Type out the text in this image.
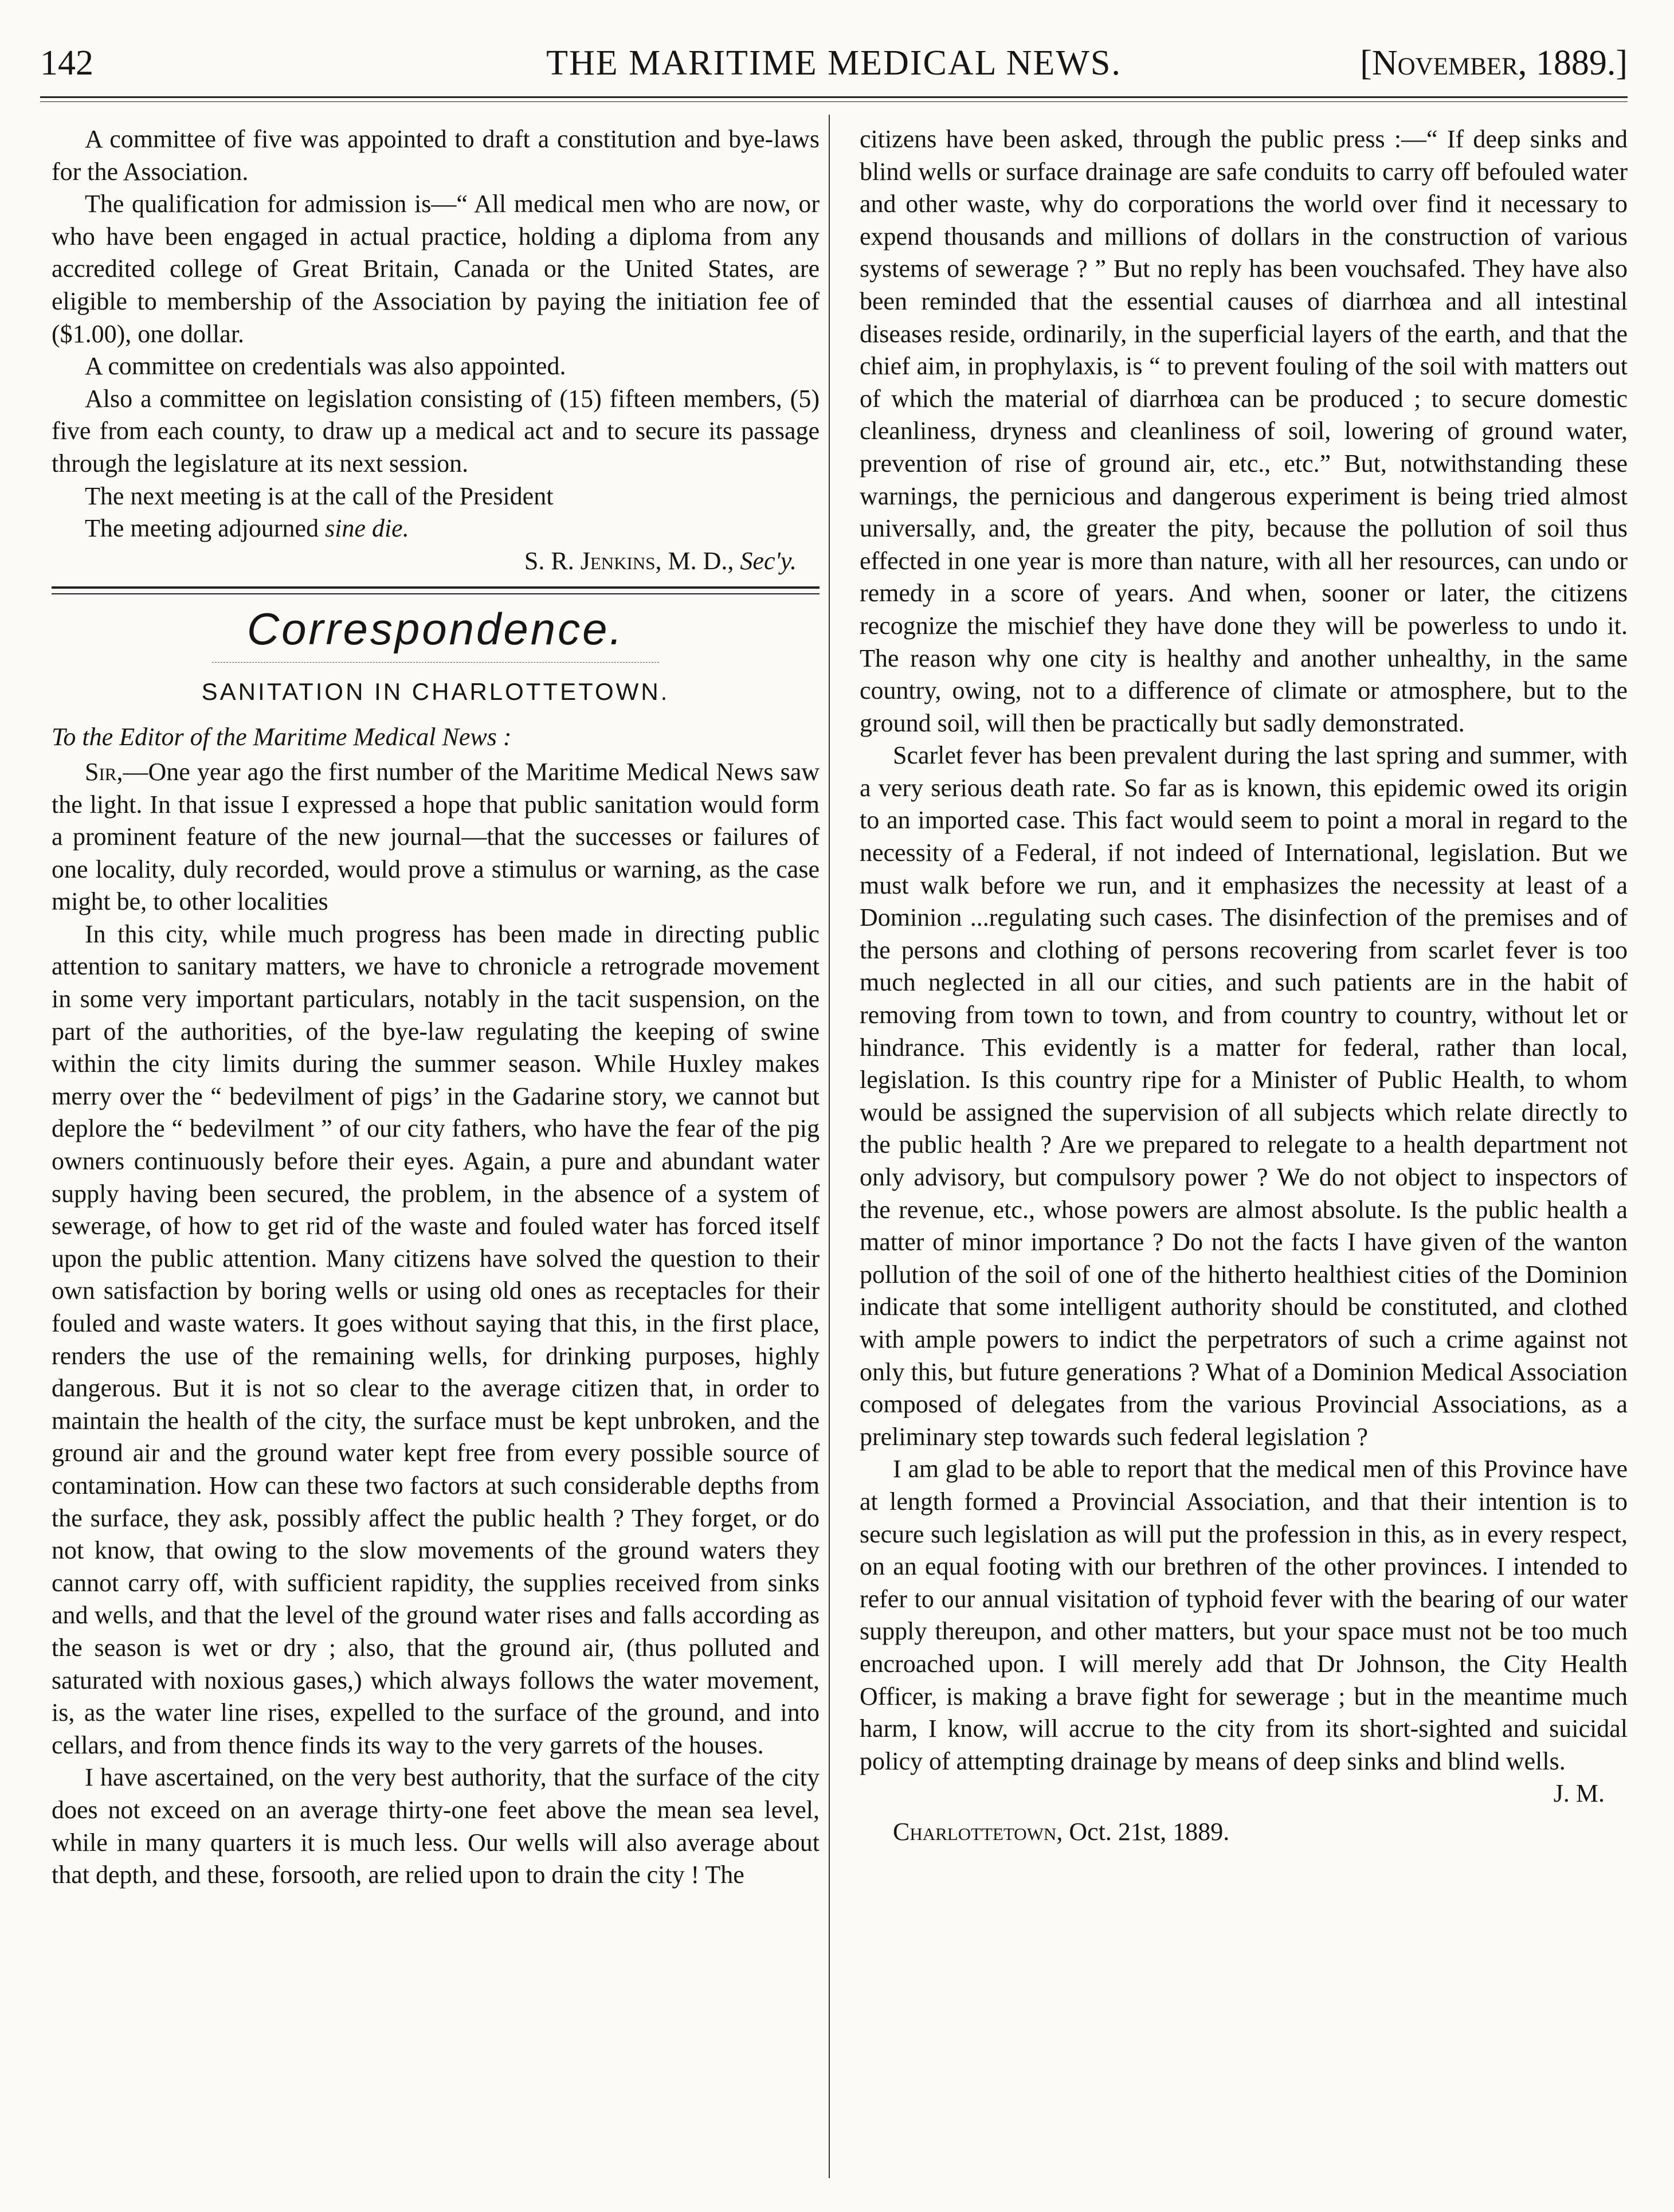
142	THE MARITIME MEDICAL NEWS.	[November, 1889.]

A committee of five was appointed to draft a constitution and bye-laws for the Association.

The qualification for admission is—“ All medical men who are now, or who have been engaged in actual practice, holding a diploma from any accredited college of Great Britain, Canada or the United States, are eligible to membership of the Association by paying the initiation fee of ($1.00), one dollar.

A committee on credentials was also appointed.

Also a committee on legislation consisting of (15) fifteen members, (5) five from each county, to draw up a medical act and to secure its passage through the legislature at its next session.

The next meeting is at the call of the President

The meeting adjourned sine die.

S. R. Jenkins, M. D., Sec'y.

Correspondence.
SANITATION IN CHARLOTTETOWN.

To the Editor of the Maritime Medical News :

Sir,—One year ago the first number of the Maritime Medical News saw the light. In that issue I expressed a hope that public sanitation would form a prominent feature of the new journal—that the successes or failures of one locality, duly recorded, would prove a stimulus or warning, as the case might be, to other localities

In this city, while much progress has been made in directing public attention to sanitary matters, we have to chronicle a retrograde movement in some very important particulars, notably in the tacit suspension, on the part of the authorities, of the bye-law regulating the keeping of swine within the city limits during the summer season. While Huxley makes merry over the “ bedevilment of pigs’ in the Gadarine story, we cannot but deplore the “ bedevilment ” of our city fathers, who have the fear of the pig owners continuously before their eyes. Again, a pure and abundant water supply having been secured, the problem, in the absence of a system of sewerage, of how to get rid of the waste and fouled water has forced itself upon the public attention. Many citizens have solved the question to their own satisfaction by boring wells or using old ones as receptacles for their fouled and waste waters. It goes without saying that this, in the first place, renders the use of the remaining wells, for drinking purposes, highly dangerous. But it is not so clear to the average citizen that, in order to maintain the health of the city, the surface must be kept unbroken, and the ground air and the ground water kept free from every possible source of contamination. How can these two factors at such considerable depths from the surface, they ask, possibly affect the public health ? They forget, or do not know, that owing to the slow movements of the ground waters they cannot carry off, with sufficient rapidity, the supplies received from sinks and wells, and that the level of the ground water rises and falls according as the season is wet or dry ; also, that the ground air, (thus polluted and saturated with noxious gases,) which always follows the water movement, is, as the water line rises, expelled to the surface of the ground, and into cellars, and from thence finds its way to the very garrets of the houses.

I have ascertained, on the very best authority, that the surface of the city does not exceed on an average thirty-one feet above the mean sea level, while in many quarters it is much less. Our wells will also average about that depth, and these, forsooth, are relied upon to drain the city ! The

citizens have been asked, through the public press :—“ If deep sinks and blind wells or surface drainage are safe conduits to carry off befouled water and other waste, why do corporations the world over find it necessary to expend thousands and millions of dollars in the construction of various systems of sewerage ? ” But no reply has been vouchsafed. They have also been reminded that the essential causes of diarrhœa and all intestinal diseases reside, ordinarily, in the superficial layers of the earth, and that the chief aim, in prophylaxis, is “ to prevent fouling of the soil with matters out of which the material of diarrhœa can be produced ; to secure domestic cleanliness, dryness and cleanliness of soil, lowering of ground water, prevention of rise of ground air, etc., etc.” But, notwithstanding these warnings, the pernicious and dangerous experiment is being tried almost universally, and, the greater the pity, because the pollution of soil thus effected in one year is more than nature, with all her resources, can undo or remedy in a score of years. And when, sooner or later, the citizens recognize the mischief they have done they will be powerless to undo it. The reason why one city is healthy and another unhealthy, in the same country, owing, not to a difference of climate or atmosphere, but to the ground soil, will then be practically but sadly demonstrated.

Scarlet fever has been prevalent during the last spring and summer, with a very serious death rate. So far as is known, this epidemic owed its origin to an imported case. This fact would seem to point a moral in regard to the necessity of a Federal, if not indeed of International, legislation. But we must walk before we run, and it emphasizes the necessity at least of a Dominion ...regulating such cases. The disinfection of the premises and of the persons and clothing of persons recovering from scarlet fever is too much neglected in all our cities, and such patients are in the habit of removing from town to town, and from country to country, without let or hindrance. This evidently is a matter for federal, rather than local, legislation. Is this country ripe for a Minister of Public Health, to whom would be assigned the supervision of all subjects which relate directly to the public health ? Are we prepared to relegate to a health department not only advisory, but compulsory power ? We do not object to inspectors of the revenue, etc., whose powers are almost absolute. Is the public health a matter of minor importance ? Do not the facts I have given of the wanton pollution of the soil of one of the hitherto healthiest cities of the Dominion indicate that some intelligent authority should be constituted, and clothed with ample powers to indict the perpetrators of such a crime against not only this, but future generations ? What of a Dominion Medical Association composed of delegates from the various Provincial Associations, as a preliminary step towards such federal legislation ?

I am glad to be able to report that the medical men of this Province have at length formed a Provincial Association, and that their intention is to secure such legislation as will put the profession in this, as in every respect, on an equal footing with our brethren of the other provinces. I intended to refer to our annual visitation of typhoid fever with the bearing of our water supply thereupon, and other matters, but your space must not be too much encroached upon. I will merely add that Dr Johnson, the City Health Officer, is making a brave fight for sewerage ; but in the meantime much harm, I know, will accrue to the city from its short-sighted and suicidal policy of attempting drainage by means of deep sinks and blind wells.

J. M.

Charlottetown, Oct. 21st, 1889.
